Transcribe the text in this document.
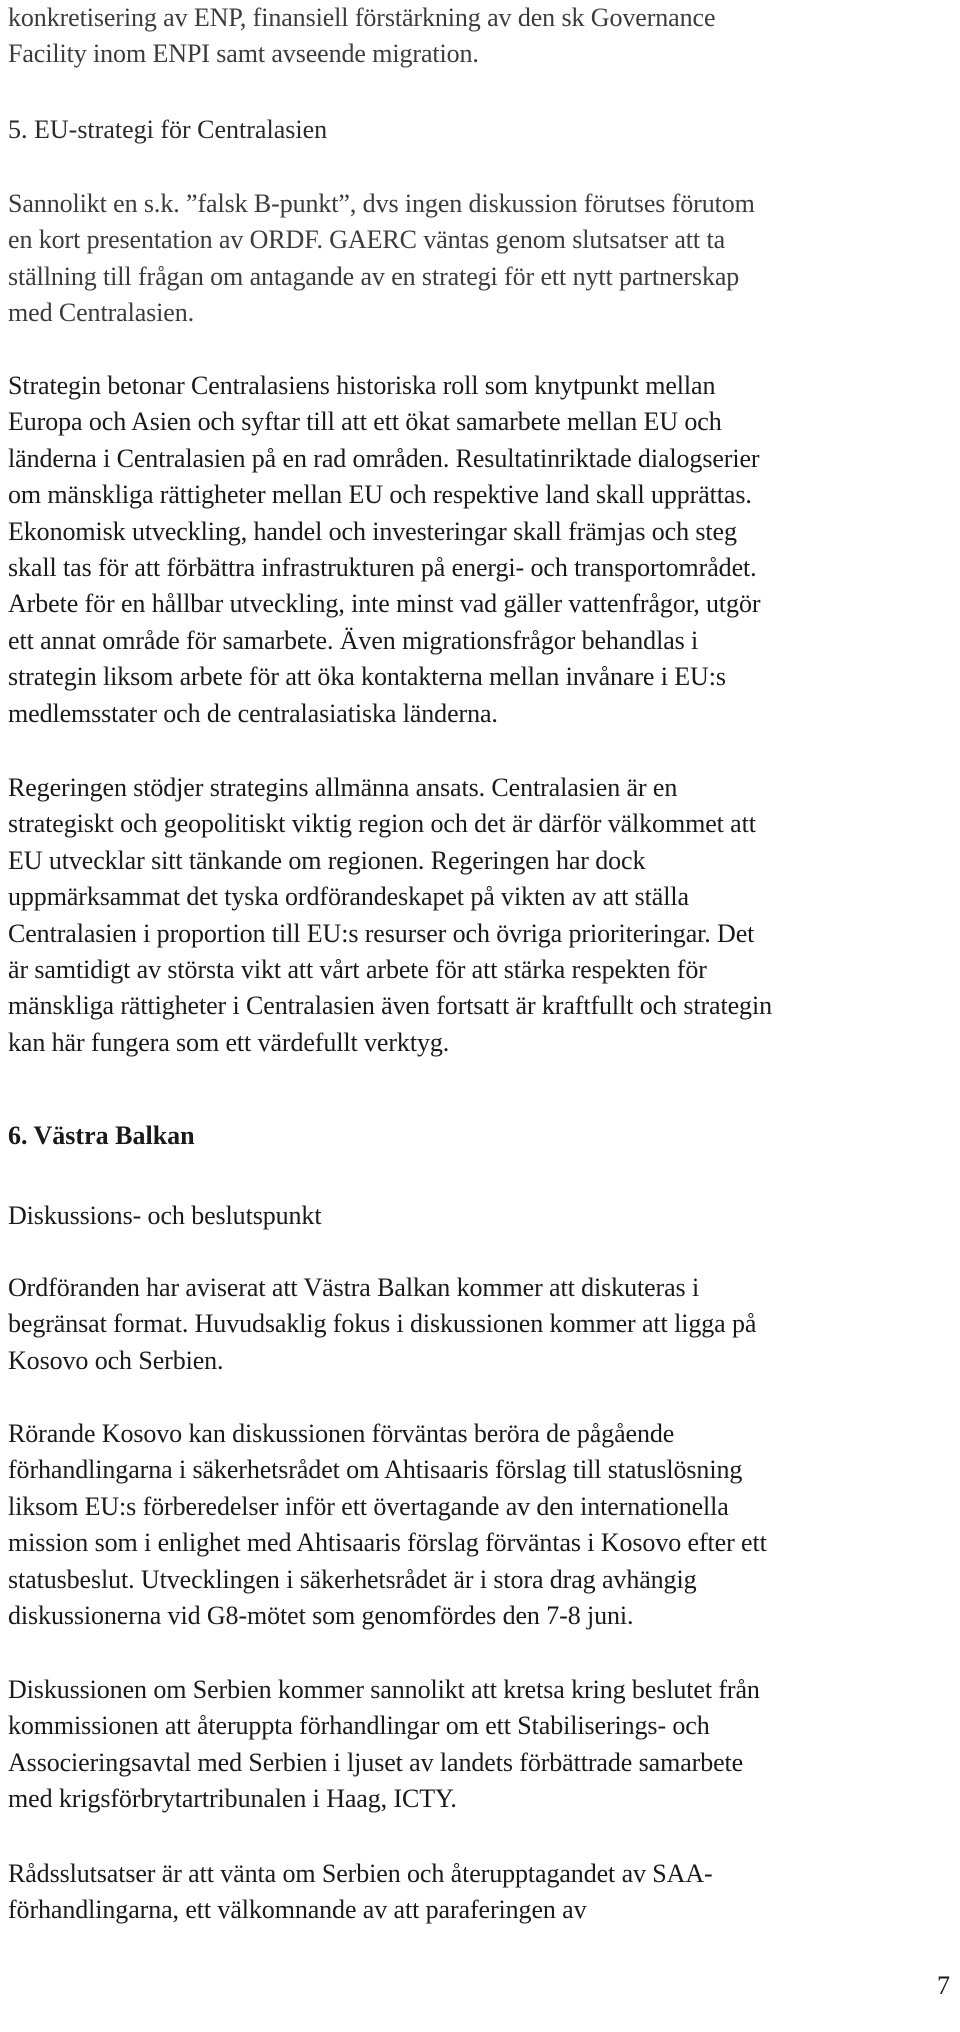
konkretisering av ENP, finansiell förstärkning av den sk Governance
Facility inom ENPI samt avseende migration.

5. EU-strategi för Centralasien

Sannolikt en s.k. ”falsk B-punkt”, dvs ingen diskussion förutses förutom
en kort presentation av ORDF. GAERC väntas genom slutsatser att ta
ställning till frågan om antagande av en strategi för ett nytt partnerskap
med Centralasien.

Strategin betonar Centralasiens historiska roll som knytpunkt mellan
Europa och Asien och syftar till att ett ökat samarbete mellan EU och
länderna i Centralasien på en rad områden. Resultatinriktade dialogserier
om mänskliga rättigheter mellan EU och respektive land skall upprättas.
Ekonomisk utveckling, handel och investeringar skall främjas och steg
skall tas för att förbättra infrastrukturen på energi- och transportområdet.
Arbete för en hållbar utveckling, inte minst vad gäller vattenfrågor, utgör
ett annat område för samarbete. Även migrationsfrågor behandlas i
strategin liksom arbete för att öka kontakterna mellan invånare i EU:s
medlemsstater och de centralasiatiska länderna.

Regeringen stödjer strategins allmänna ansats. Centralasien är en
strategiskt och geopolitiskt viktig region och det är därför välkommet att
EU utvecklar sitt tänkande om regionen. Regeringen har dock
uppmärksammat det tyska ordförandeskapet på vikten av att ställa
Centralasien i proportion till EU:s resurser och övriga prioriteringar. Det
är samtidigt av största vikt att vårt arbete för att stärka respekten för
mänskliga rättigheter i Centralasien även fortsatt är kraftfullt och strategin
kan här fungera som ett värdefullt verktyg.

6. Västra Balkan

Diskussions- och beslutspunkt

Ordföranden har aviserat att Västra Balkan kommer att diskuteras i
begränsat format. Huvudsaklig fokus i diskussionen kommer att ligga på
Kosovo och Serbien.

Rörande Kosovo kan diskussionen förväntas beröra de pågående
förhandlingarna i säkerhetsrådet om Ahtisaaris förslag till statuslösning
liksom EU:s förberedelser inför ett övertagande av den internationella
mission som i enlighet med Ahtisaaris förslag förväntas i Kosovo efter ett
statusbeslut. Utvecklingen i säkerhetsrådet är i stora drag avhängig
diskussionerna vid G8-mötet som genomfördes den 7-8 juni.

Diskussionen om Serbien kommer sannolikt att kretsa kring beslutet från
kommissionen att återuppta förhandlingar om ett Stabiliserings- och
Associeringsavtal med Serbien i ljuset av landets förbättrade samarbete
med krigsförbrytartribunalen i Haag, ICTY.

Rådsslutsatser är att vänta om Serbien och återupptagandet av SAA-
förhandlingarna, ett välkomnande av att paraferingen av

7
